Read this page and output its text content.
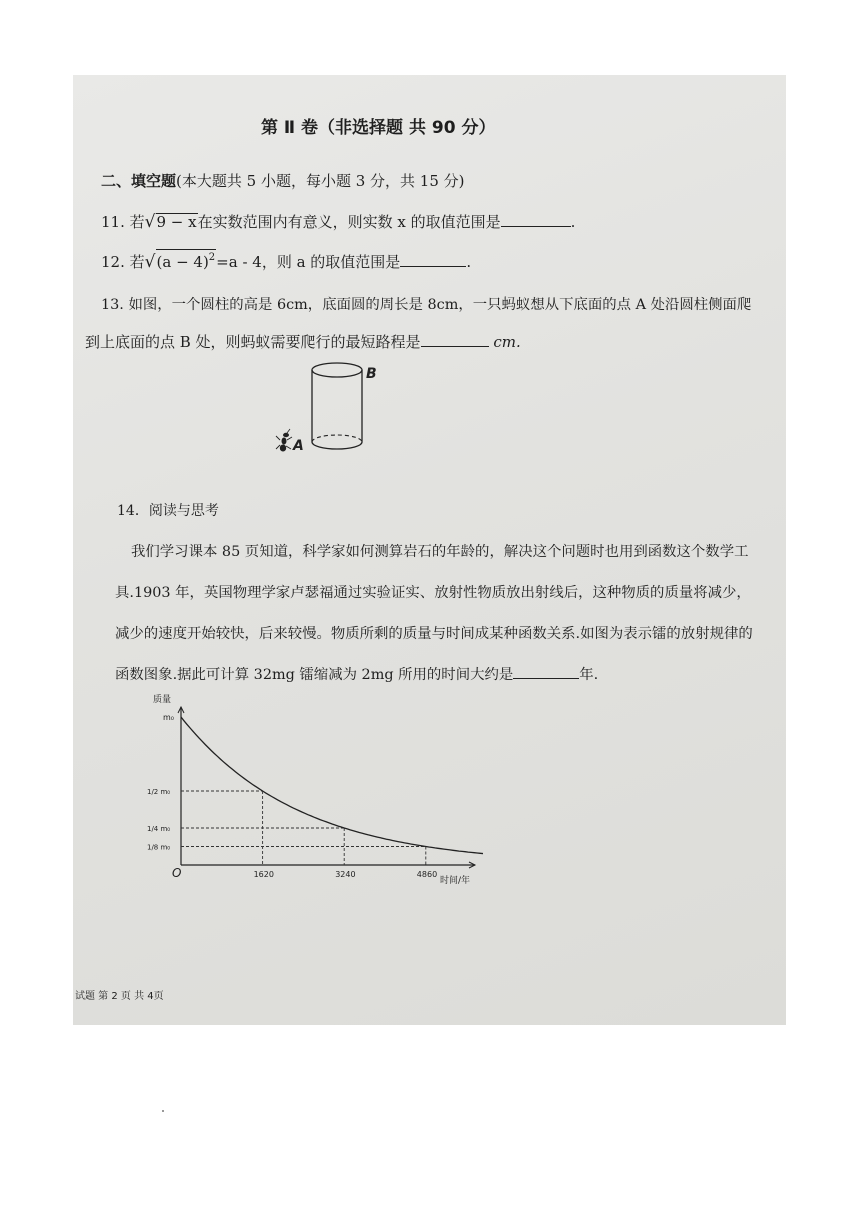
第 Ⅱ 卷（非选择题 共 90 分）
二、填空题(本大题共 5 小题，每小题 3 分，共 15 分)
11. 若√9 − x在实数范围内有意义，则实数 x 的取值范围是	.
12. 若$√(a - 4)^2=a - 4$，则 a 的取值范围是	.
13. 如图，一个圆柱的高是 6cm，底面圆的周长是 8cm，一只蚂蚁想从下底面的点 A 处沿圆柱侧面爬
到上底面的点 B 处，则蚂蚁需要爬行的最短路程是	cm.
A
B
14．阅读与思考
我们学习课本 85 页知道，科学家如何测算岩石的年龄的，解决这个问题时也用到函数这个数学工
具.1903 年，英国物理学家卢瑟福通过实验证实、放射性物质放出射线后，这种物质的质量将减少，
减少的速度开始较快，后来较慢。物质所剩的质量与时间成某种函数关系.如图为表示镭的放射规律的
函数图象.据此可计算 32mg 镭缩减为 2mg 所用的时间大约是	年.
1620
1/2 m₀
3240
1/4 m₀
4860
1/8 m₀
m₀
质量
时间/年
O
试题 第 2 页 共 4页
